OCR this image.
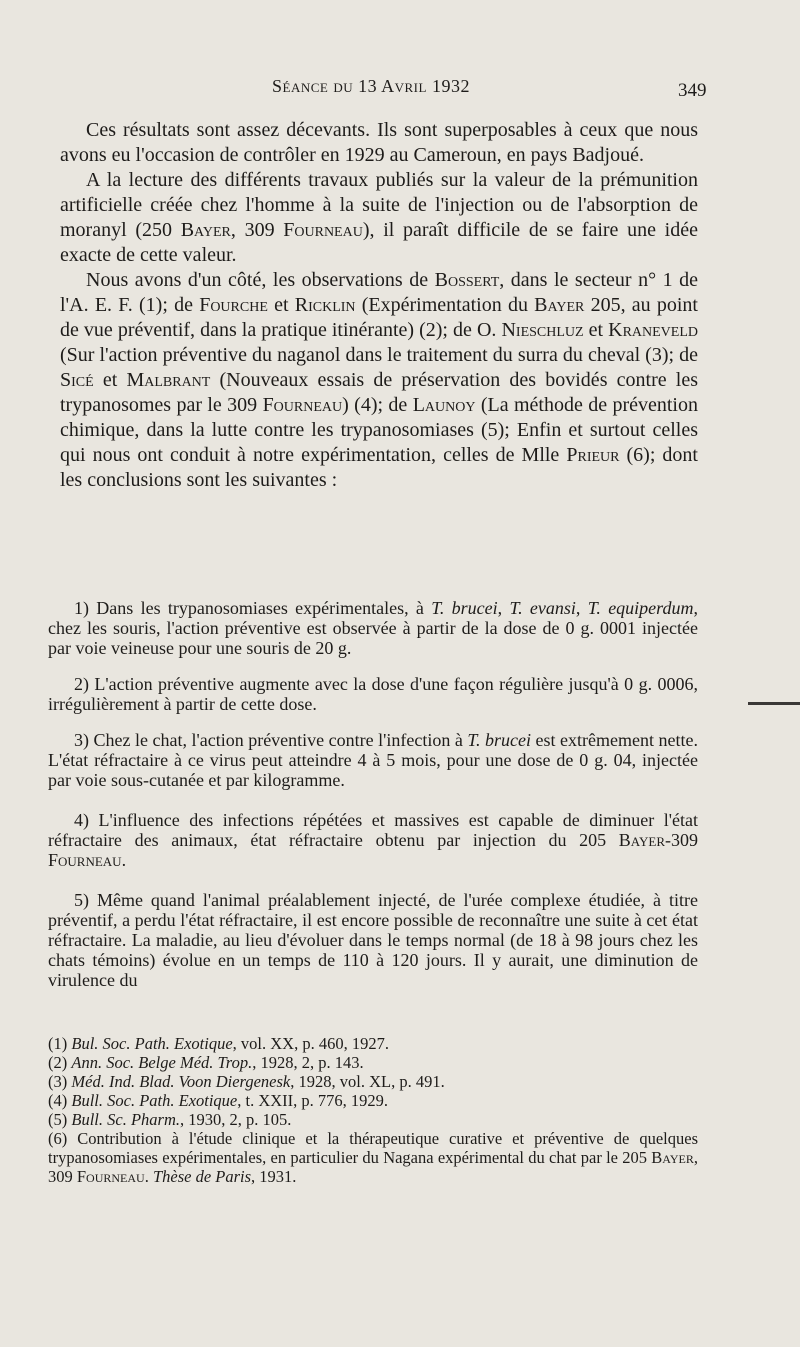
Séance du 13 Avril 1932	349

Ces résultats sont assez décevants. Ils sont superposables à ceux que nous avons eu l'occasion de contrôler en 1929 au Cameroun, en pays Badjoué.

A la lecture des différents travaux publiés sur la valeur de la prémunition artificielle créée chez l'homme à la suite de l'injection ou de l'absorption de moranyl (250 Bayer, 309 Fourneau), il paraît difficile de se faire une idée exacte de cette valeur.

Nous avons d'un côté, les observations de Bossert, dans le secteur n° 1 de l'A. E. F. (1); de Fourche et Ricklin (Expérimentation du Bayer 205, au point de vue préventif, dans la pratique itinérante) (2); de O. Nieschluz et Kraneveld (Sur l'action préventive du naganol dans le traitement du surra du cheval (3); de Sicé et Malbrant (Nouveaux essais de préservation des bovidés contre les trypanosomes par le 309 Fourneau) (4); de Launoy (La méthode de prévention chimique, dans la lutte contre les trypanosomiases (5); Enfin et surtout celles qui nous ont conduit à notre expérimentation, celles de Mlle Prieur (6); dont les conclusions sont les suivantes :

1) Dans les trypanosomiases expérimentales, à T. brucei, T. evansi, T. equiperdum, chez les souris, l'action préventive est observée à partir de la dose de 0 g. 0001 injectée par voie veineuse pour une souris de 20 g.

2) L'action préventive augmente avec la dose d'une façon régulière jusqu'à 0 g. 0006, irrégulièrement à partir de cette dose.

3) Chez le chat, l'action préventive contre l'infection à T. brucei est extrêmement nette. L'état réfractaire à ce virus peut atteindre 4 à 5 mois, pour une dose de 0 g. 04, injectée par voie sous-cutanée et par kilogramme.

4) L'influence des infections répétées et massives est capable de diminuer l'état réfractaire des animaux, état réfractaire obtenu par injection du 205 Bayer-309 Fourneau.

5) Même quand l'animal préalablement injecté, de l'urée complexe étudiée, à titre préventif, a perdu l'état réfractaire, il est encore possible de reconnaître une suite à cet état réfractaire. La maladie, au lieu d'évoluer dans le temps normal (de 18 à 98 jours chez les chats témoins) évolue en un temps de 110 à 120 jours. Il y aurait, une diminution de virulence du

(1) Bul. Soc. Path. Exotique, vol. XX, p. 460, 1927.

(2) Ann. Soc. Belge Méd. Trop., 1928, 2, p. 143.

(3) Méd. Ind. Blad. Voon Diergenesk, 1928, vol. XL, p. 491.

(4) Bull. Soc. Path. Exotique, t. XXII, p. 776, 1929.

(5) Bull. Sc. Pharm., 1930, 2, p. 105.

(6) Contribution à l'étude clinique et la thérapeutique curative et préventive de quelques trypanosomiases expérimentales, en particulier du Nagana expérimental du chat par le 205 Bayer, 309 Fourneau. Thèse de Paris, 1931.
